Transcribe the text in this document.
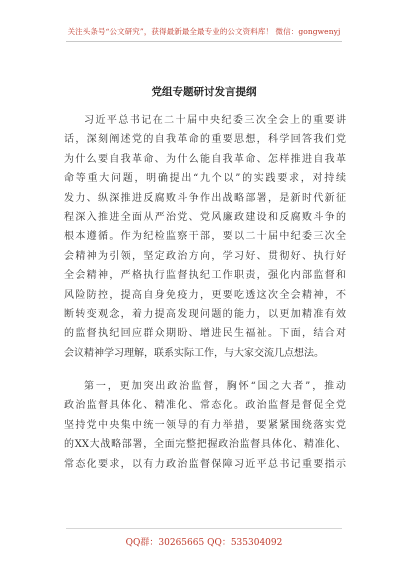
关注头条号“公文研究”，获得最新最全最专业的公文资料库！ 微信：gongwenyj
党组专题研讨发言提纲
习近平总书记在二十届中央纪委三次全会上的重要讲
话，深刻阐述党的自我革命的重要思想，科学回答我们党
为什么要自我革命、为什么能自我革命、怎样推进自我革
命等重大问题，明确提出“九个以”的实践要求，对持续
发力、纵深推进反腐败斗争作出战略部署，是新时代新征
程深入推进全面从严治党、党风廉政建设和反腐败斗争的
根本遵循。作为纪检监察干部，要以二十届中纪委三次全
会精神为引领，坚定政治方向，学习好、贯彻好、执行好
全会精神，严格执行监督执纪工作职责，强化内部监督和
风险防控，提高自身免疫力，更要吃透这次全会精神，不
断转变观念，着力提高发现问题的能力，以更加精准有效
的监督执纪回应群众期盼、增进民生福祉。下面，结合对
会议精神学习理解，联系实际工作，与大家交流几点想法。
第一，更加突出政治监督，胸怀“国之大者”，推动
政治监督具体化、精准化、常态化。政治监督是督促全党
坚持党中央集中统一领导的有力举措，要紧紧围绕落实党
的XX大战略部署，全面完整把握政治监督具体化、精准化、
常态化要求，以有力政治监督保障习近平总书记重要指示
QQ群：30265665 QQ：535304092
